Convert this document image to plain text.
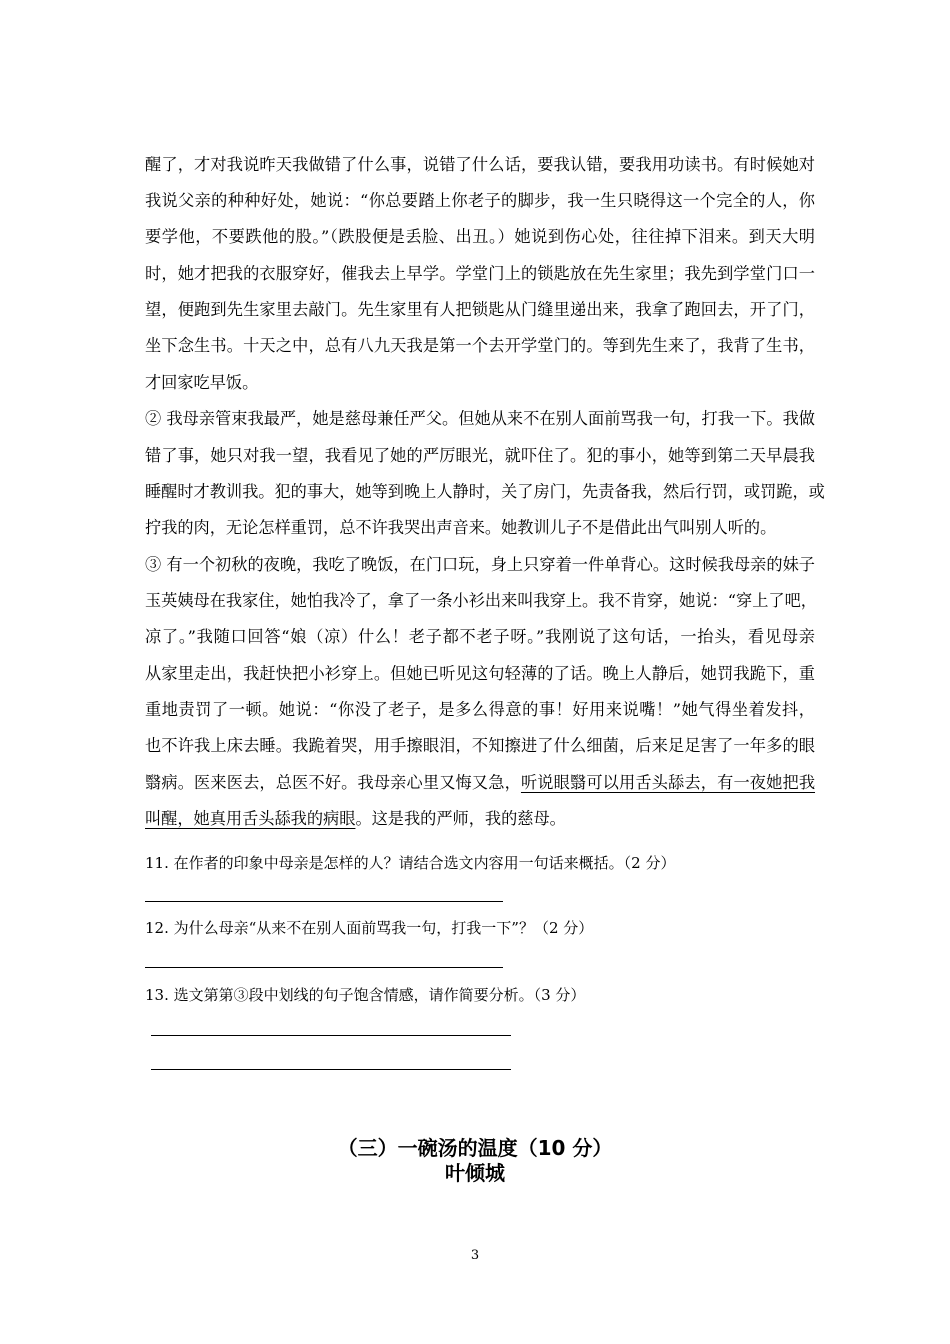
醒了，才对我说昨天我做错了什么事，说错了什么话，要我认错，要我用功读书。有时候她对
我说父亲的种种好处，她说：“你总要踏上你老子的脚步，我一生只晓得这一个完全的人，你
要学他，不要跌他的股。”（跌股便是丢脸、出丑。）她说到伤心处，往往掉下泪来。到天大明
时，她才把我的衣服穿好，催我去上早学。学堂门上的锁匙放在先生家里；我先到学堂门口一
望，便跑到先生家里去敲门。先生家里有人把锁匙从门缝里递出来，我拿了跑回去，开了门，
坐下念生书。十天之中，总有八九天我是第一个去开学堂门的。等到先生来了，我背了生书，
才回家吃早饭。
② 我母亲管束我最严，她是慈母兼任严父。但她从来不在别人面前骂我一句，打我一下。我做
错了事，她只对我一望，我看见了她的严厉眼光，就吓住了。犯的事小，她等到第二天早晨我
睡醒时才教训我。犯的事大，她等到晚上人静时，关了房门，先责备我，然后行罚，或罚跪，或
拧我的肉，无论怎样重罚，总不许我哭出声音来。她教训儿子不是借此出气叫别人听的。
③ 有一个初秋的夜晚，我吃了晚饭，在门口玩，身上只穿着一件单背心。这时候我母亲的妹子
玉英姨母在我家住，她怕我冷了，拿了一条小衫出来叫我穿上。我不肯穿，她说：“穿上了吧，
凉了。”我随口回答“娘（凉）什么！老子都不老子呀。”我刚说了这句话，一抬头，看见母亲
从家里走出，我赶快把小衫穿上。但她已听见这句轻薄的了话。晚上人静后，她罚我跪下，重
重地责罚了一顿。她说：“你没了老子，是多么得意的事！好用来说嘴！”她气得坐着发抖，
也不许我上床去睡。我跪着哭，用手擦眼泪，不知擦进了什么细菌，后来足足害了一年多的眼
翳病。医来医去，总医不好。我母亲心里又悔又急，听说眼翳可以用舌头舔去，有一夜她把我
叫醒，她真用舌头舔我的病眼。这是我的严师，我的慈母。
11. 在作者的印象中母亲是怎样的人？请结合选文内容用一句话来概括。（2 分）
12. 为什么母亲“从来不在别人面前骂我一句，打我一下”？（2 分）
13. 选文第第③段中划线的句子饱含情感，请作简要分析。（3 分）
（三）一碗汤的温度（10 分）
叶倾城
3
